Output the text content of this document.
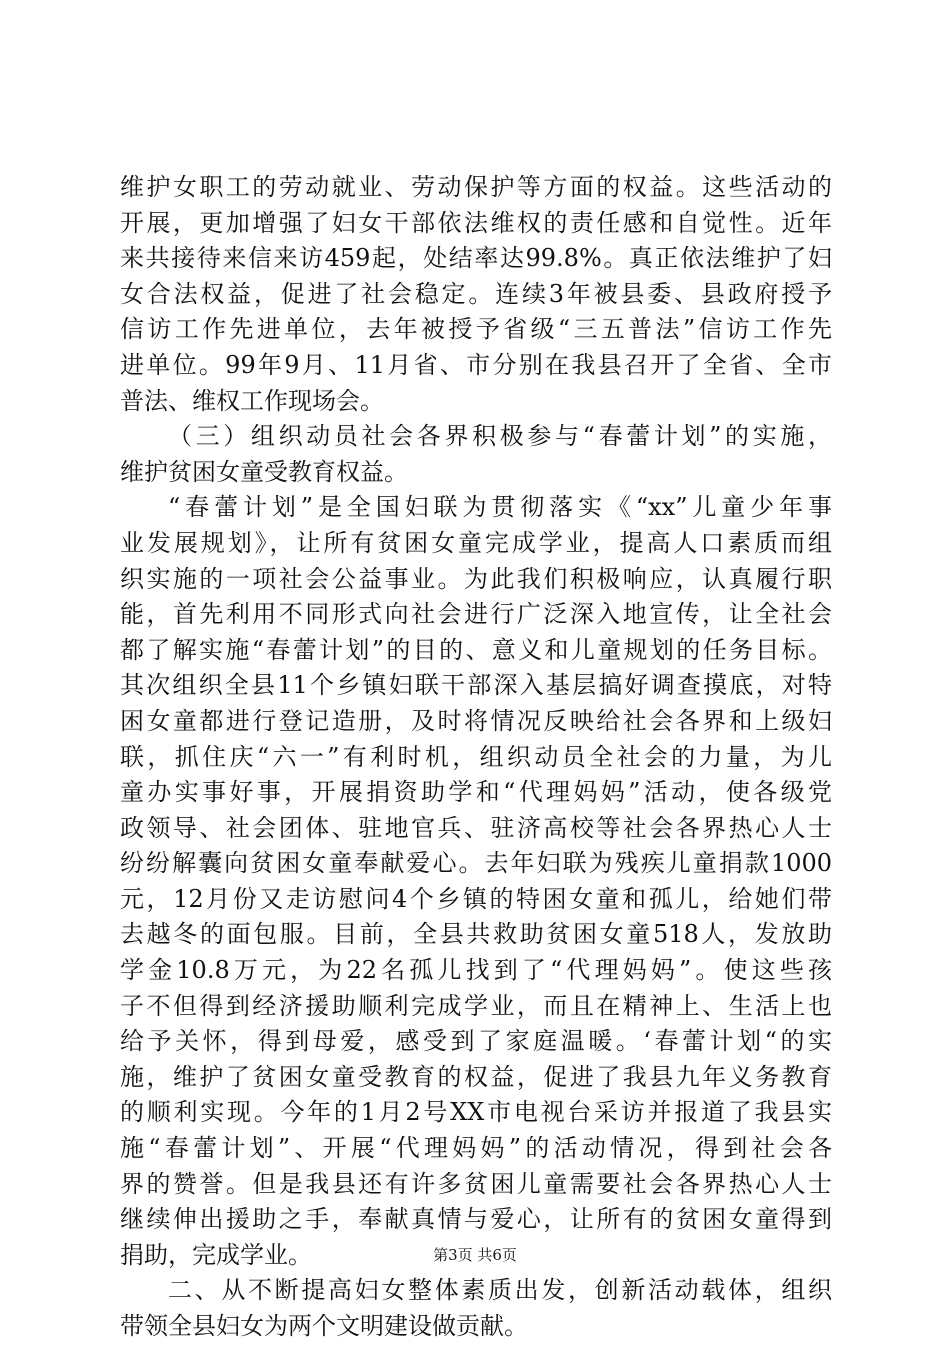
维护女职工的劳动就业、劳动保护等方面的权益。这些活动的
开展，更加增强了妇女干部依法维权的责任感和自觉性。近年
来共接待来信来访459起，处结率达99.8%。真正依法维护了妇
女合法权益，促进了社会稳定。连续3年被县委、县政府授予
信访工作先进单位，去年被授予省级“三五普法”信访工作先
进单位。99年9月、11月省、市分别在我县召开了全省、全市
普法、维权工作现场会。
（三）组织动员社会各界积极参与“春蕾计划”的实施，
维护贫困女童受教育权益。
“春蕾计划”是全国妇联为贯彻落实《“xx”儿童少年事
业发展规划》，让所有贫困女童完成学业，提高人口素质而组
织实施的一项社会公益事业。为此我们积极响应，认真履行职
能，首先利用不同形式向社会进行广泛深入地宣传，让全社会
都了解实施“春蕾计划”的目的、意义和儿童规划的任务目标。
其次组织全县11个乡镇妇联干部深入基层搞好调查摸底，对特
困女童都进行登记造册，及时将情况反映给社会各界和上级妇
联，抓住庆“六一”有利时机，组织动员全社会的力量，为儿
童办实事好事，开展捐资助学和“代理妈妈”活动，使各级党
政领导、社会团体、驻地官兵、驻济高校等社会各界热心人士
纷纷解囊向贫困女童奉献爱心。去年妇联为残疾儿童捐款1000
元，12月份又走访慰问4个乡镇的特困女童和孤儿，给她们带
去越冬的面包服。目前，全县共救助贫困女童518人，发放助
学金10.8万元，为22名孤儿找到了“代理妈妈”。使这些孩
子不但得到经济援助顺利完成学业，而且在精神上、生活上也
给予关怀，得到母爱，感受到了家庭温暖。‘春蕾计划“的实
施，维护了贫困女童受教育的权益，促进了我县九年义务教育
的顺利实现。今年的1月2号XX市电视台采访并报道了我县实
施“春蕾计划”、开展“代理妈妈”的活动情况，得到社会各
界的赞誉。但是我县还有许多贫困儿童需要社会各界热心人士
继续伸出援助之手，奉献真情与爱心，让所有的贫困女童得到
捐助，完成学业。
二、从不断提高妇女整体素质出发，创新活动载体，组织
带领全县妇女为两个文明建设做贡献。
第3页 共6页
